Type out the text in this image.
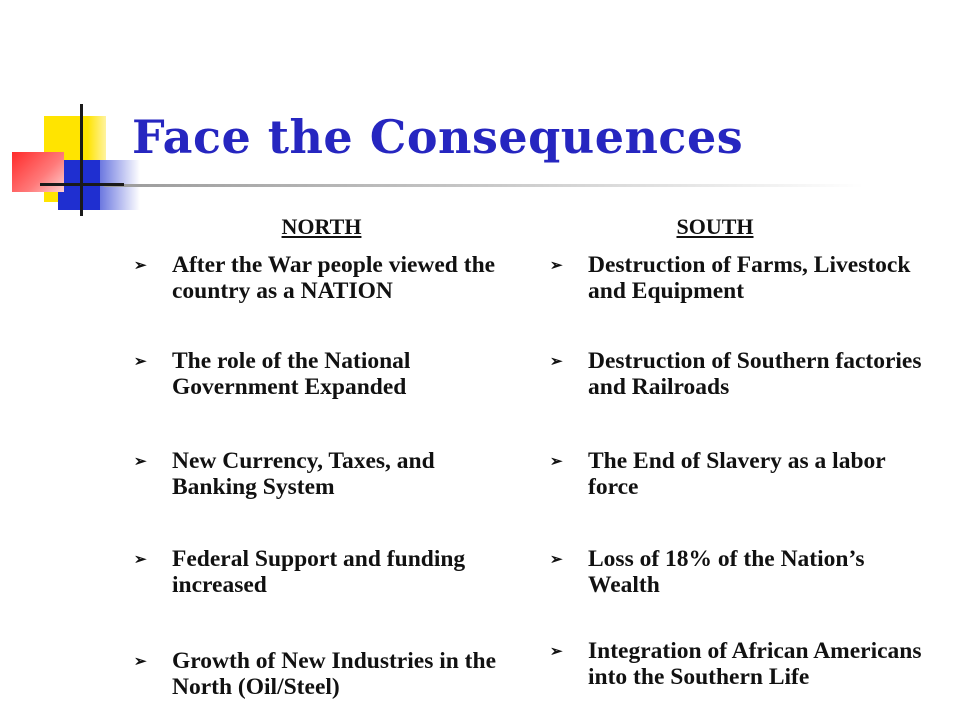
Face the Consequences
NORTH
➢	After the War people viewed the country as a NATION
➢	The role of the National Government Expanded
➢	New Currency, Taxes, and Banking System
➢	Federal Support and funding increased
➢	Growth of New Industries in the North (Oil/Steel)
SOUTH
➢	Destruction of Farms, Livestock and Equipment
➢	Destruction of Southern factories and Railroads
➢	The End of Slavery as a labor force
➢	Loss of 18% of the Nation’s Wealth
➢	Integration of African Americans into the Southern Life
